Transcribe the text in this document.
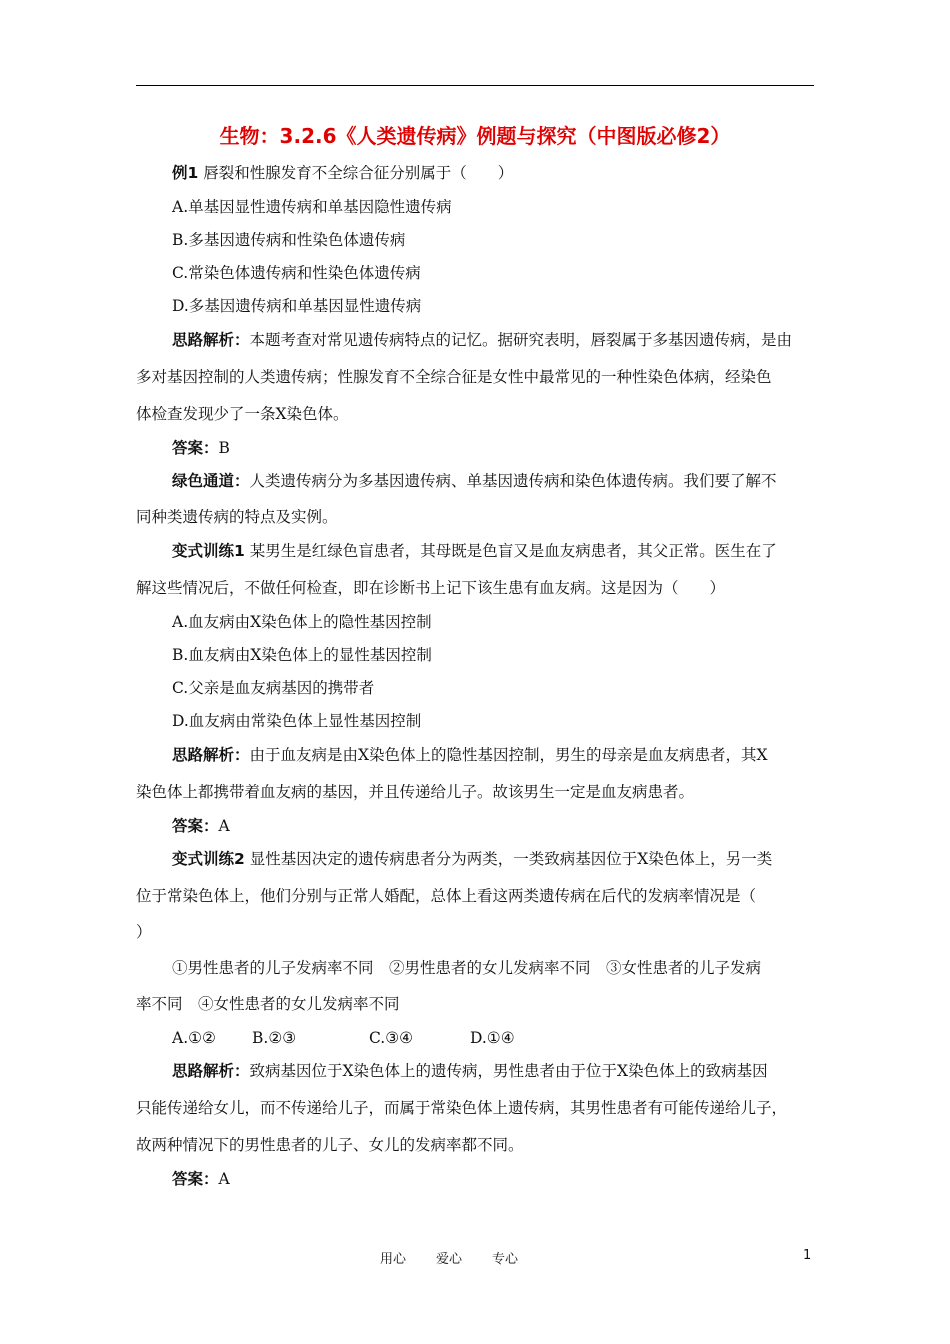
生物：3.2.6《人类遗传病》例题与探究（中图版必修2）
例1 唇裂和性腺发育不全综合征分别属于（　　）
A.单基因显性遗传病和单基因隐性遗传病
B.多基因遗传病和性染色体遗传病
C.常染色体遗传病和性染色体遗传病
D.多基因遗传病和单基因显性遗传病
思路解析：本题考查对常见遗传病特点的记忆。据研究表明，唇裂属于多基因遗传病，是由
多对基因控制的人类遗传病；性腺发育不全综合征是女性中最常见的一种性染色体病，经染色
体检查发现少了一条X染色体。
答案：B
绿色通道：人类遗传病分为多基因遗传病、单基因遗传病和染色体遗传病。我们要了解不
同种类遗传病的特点及实例。
变式训练1 某男生是红绿色盲患者，其母既是色盲又是血友病患者，其父正常。医生在了
解这些情况后，不做任何检查，即在诊断书上记下该生患有血友病。这是因为（　　）
A.血友病由X染色体上的隐性基因控制
B.血友病由X染色体上的显性基因控制
C.父亲是血友病基因的携带者
D.血友病由常染色体上显性基因控制
思路解析：由于血友病是由X染色体上的隐性基因控制，男生的母亲是血友病患者，其X
染色体上都携带着血友病的基因，并且传递给儿子。故该男生一定是血友病患者。
答案：A
变式训练2 显性基因决定的遗传病患者分为两类，一类致病基因位于X染色体上，另一类
位于常染色体上，他们分别与正常人婚配，总体上看这两类遗传病在后代的发病率情况是（
）
①男性患者的儿子发病率不同　②男性患者的女儿发病率不同　③女性患者的儿子发病
率不同　④女性患者的女儿发病率不同
A.①② B.②③	C.③④	D.①④
思路解析：致病基因位于X染色体上的遗传病，男性患者由于位于X染色体上的致病基因
只能传递给女儿，而不传递给儿子，而属于常染色体上遗传病，其男性患者有可能传递给儿子，
故两种情况下的男性患者的儿子、女儿的发病率都不同。
答案：A
用心 爱心 专心	1
